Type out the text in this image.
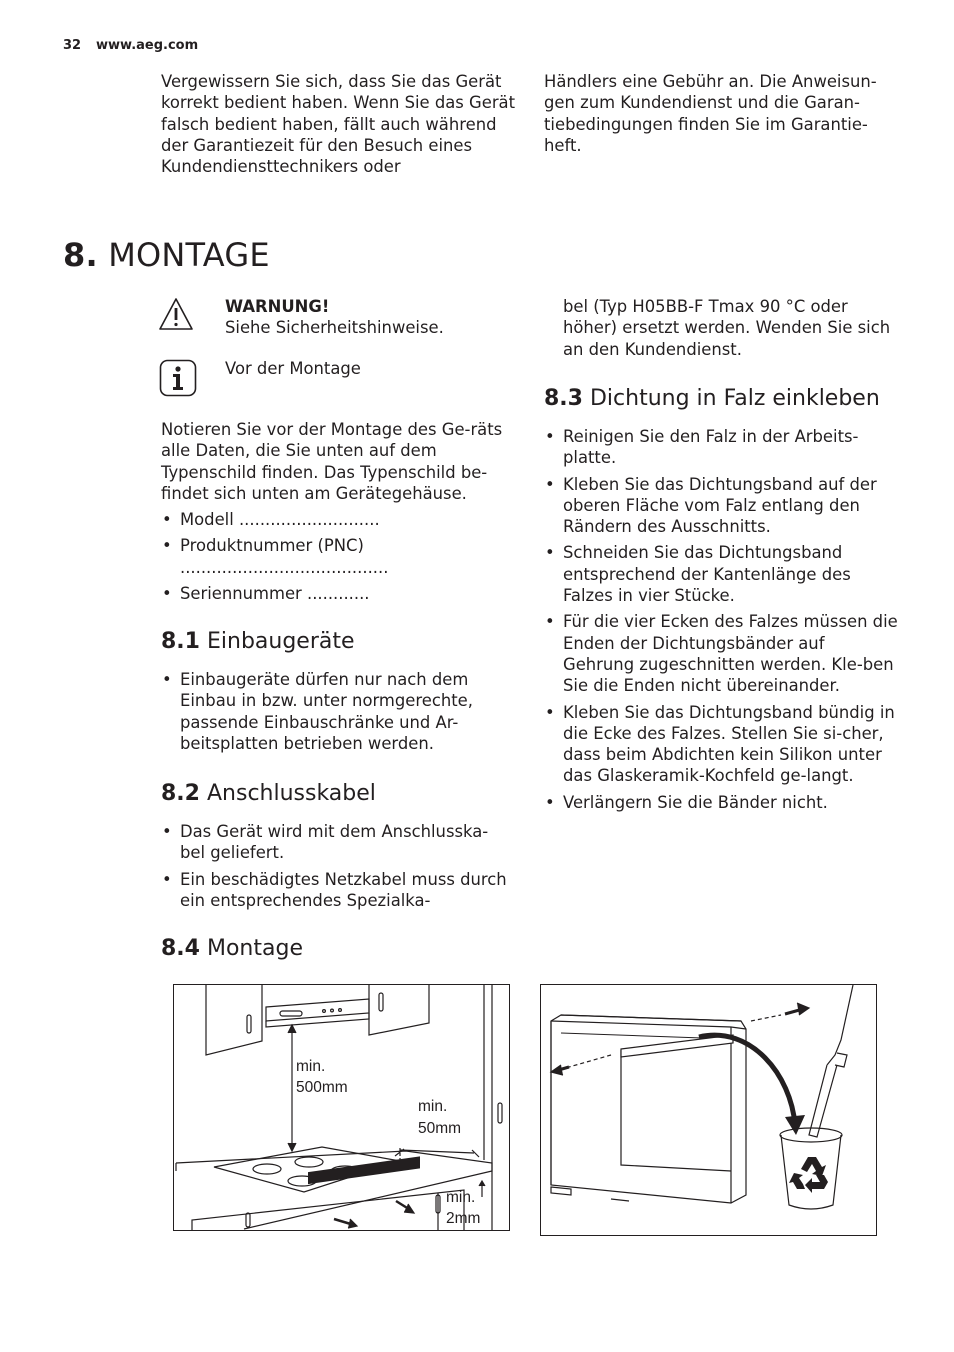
32 www.aeg.com

Vergewissern Sie sich, dass Sie das Gerät korrekt bedient haben. Wenn Sie das Gerät falsch bedient haben, fällt auch während der Garantiezeit für den Besuch eines Kundendiensttechnikers oder

Händlers eine Gebühr an. Die Anweisun-gen zum Kundendienst und die Garan-tiebedingungen finden Sie im Garantie-heft.

8. MONTAGE
WARNUNG!
Siehe Sicherheitshinweise.
Vor der Montage

Notieren Sie vor der Montage des Ge-räts alle Daten, die Sie unten auf dem Typenschild finden. Das Typenschild be-findet sich unten am Gerätegehäuse.

• Modell ...........................
• Produktnummer (PNC) ........................................
• Seriennummer ............
8.1 Einbaugeräte
• Einbaugeräte dürfen nur nach dem Einbau in bzw. unter normgerechte, passende Einbauschränke und Ar-beitsplatten betrieben werden.
8.2 Anschlusskabel
• Das Gerät wird mit dem Anschlusska-bel geliefert.
• Ein beschädigtes Netzkabel muss durch ein entsprechendes Spezialka-

bel (Typ H05BB-F Tmax 90 °C oder höher) ersetzt werden. Wenden Sie sich an den Kundendienst.

8.3 Dichtung in Falz einkleben
• Reinigen Sie den Falz in der Arbeits-platte.
• Kleben Sie das Dichtungsband auf der oberen Fläche vom Falz entlang den Rändern des Ausschnitts.
• Schneiden Sie das Dichtungsband entsprechend der Kantenlänge des Falzes in vier Stücke.
• Für die vier Ecken des Falzes müssen die Enden der Dichtungsbänder auf Gehrung zugeschnitten werden. Kle-ben Sie die Enden nicht übereinander.
• Kleben Sie das Dichtungsband bündig in die Ecke des Falzes. Stellen Sie si-cher, dass beim Abdichten kein Silikon unter das Glaskeramik-Kochfeld ge-langt.
• Verlängern Sie die Bänder nicht.
8.4 Montage
min.
500mm
min.
50mm
min.
2mm
